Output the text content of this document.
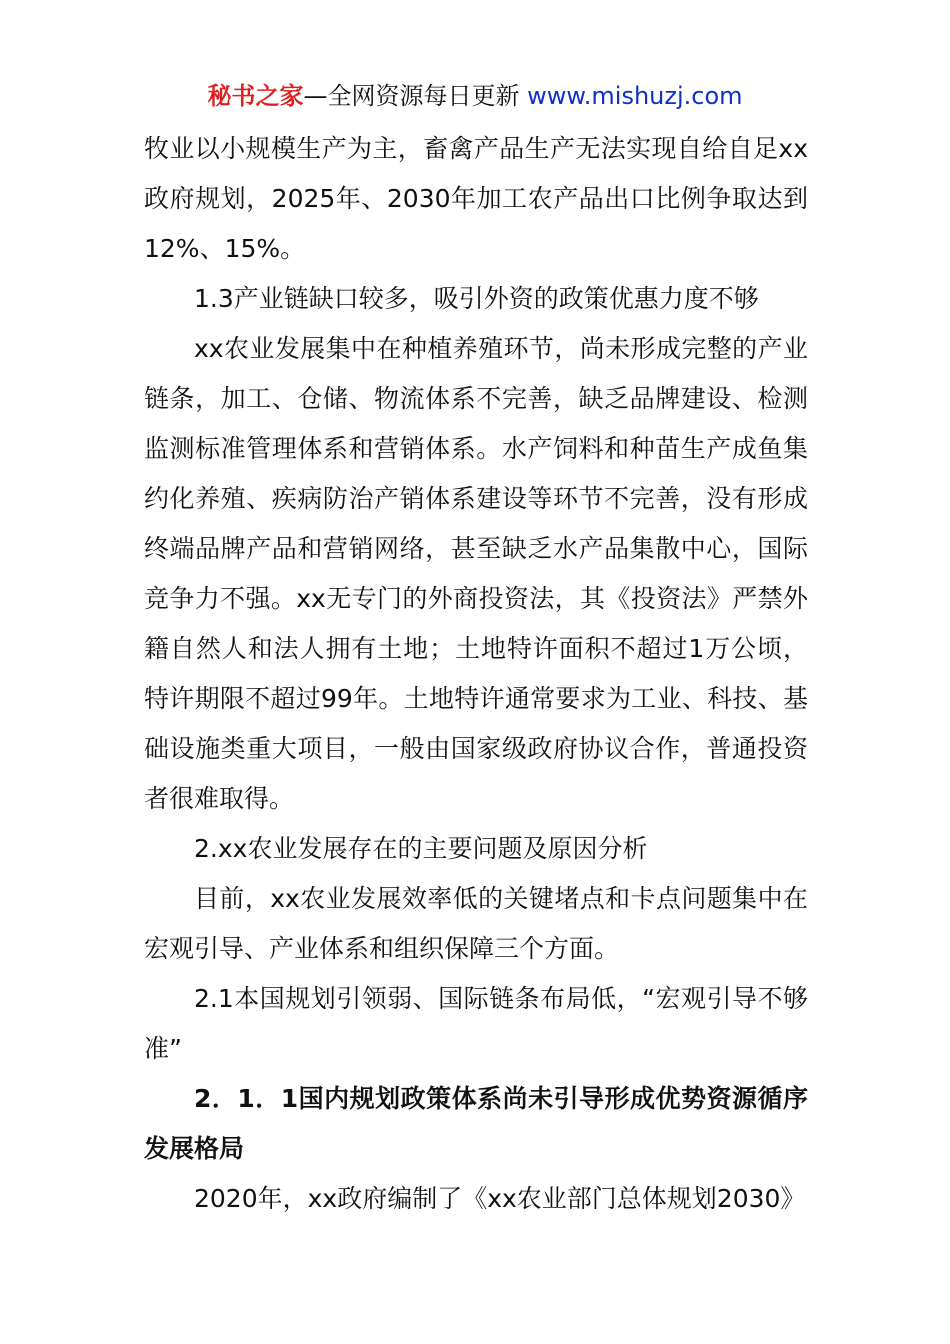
秘书之家—全网资源每日更新 www.mishuzj.com

牧业以小规模生产为主，畜禽产品生产无法实现自给自足xx政府规划，2025年、2030年加工农产品出口比例争取达到12%、15%。

1.3产业链缺口较多，吸引外资的政策优惠力度不够

xx农业发展集中在种植养殖环节，尚未形成完整的产业链条，加工、仓储、物流体系不完善，缺乏品牌建设、检测监测标准管理体系和营销体系。水产饲料和种苗生产成鱼集约化养殖、疾病防治产销体系建设等环节不完善，没有形成终端品牌产品和营销网络，甚至缺乏水产品集散中心，国际竞争力不强。xx无专门的外商投资法，其《投资法》严禁外籍自然人和法人拥有土地；土地特许面积不超过1万公顷，特许期限不超过99年。土地特许通常要求为工业、科技、基础设施类重大项目，一般由国家级政府协议合作，普通投资者很难取得。

2.xx农业发展存在的主要问题及原因分析

目前，xx农业发展效率低的关键堵点和卡点问题集中在宏观引导、产业体系和组织保障三个方面。

2.1本国规划引领弱、国际链条布局低，“宏观引导不够准”

2．1．1国内规划政策体系尚未引导形成优势资源循序发展格局

2020年，xx政府编制了《xx农业部门总体规划2030》
